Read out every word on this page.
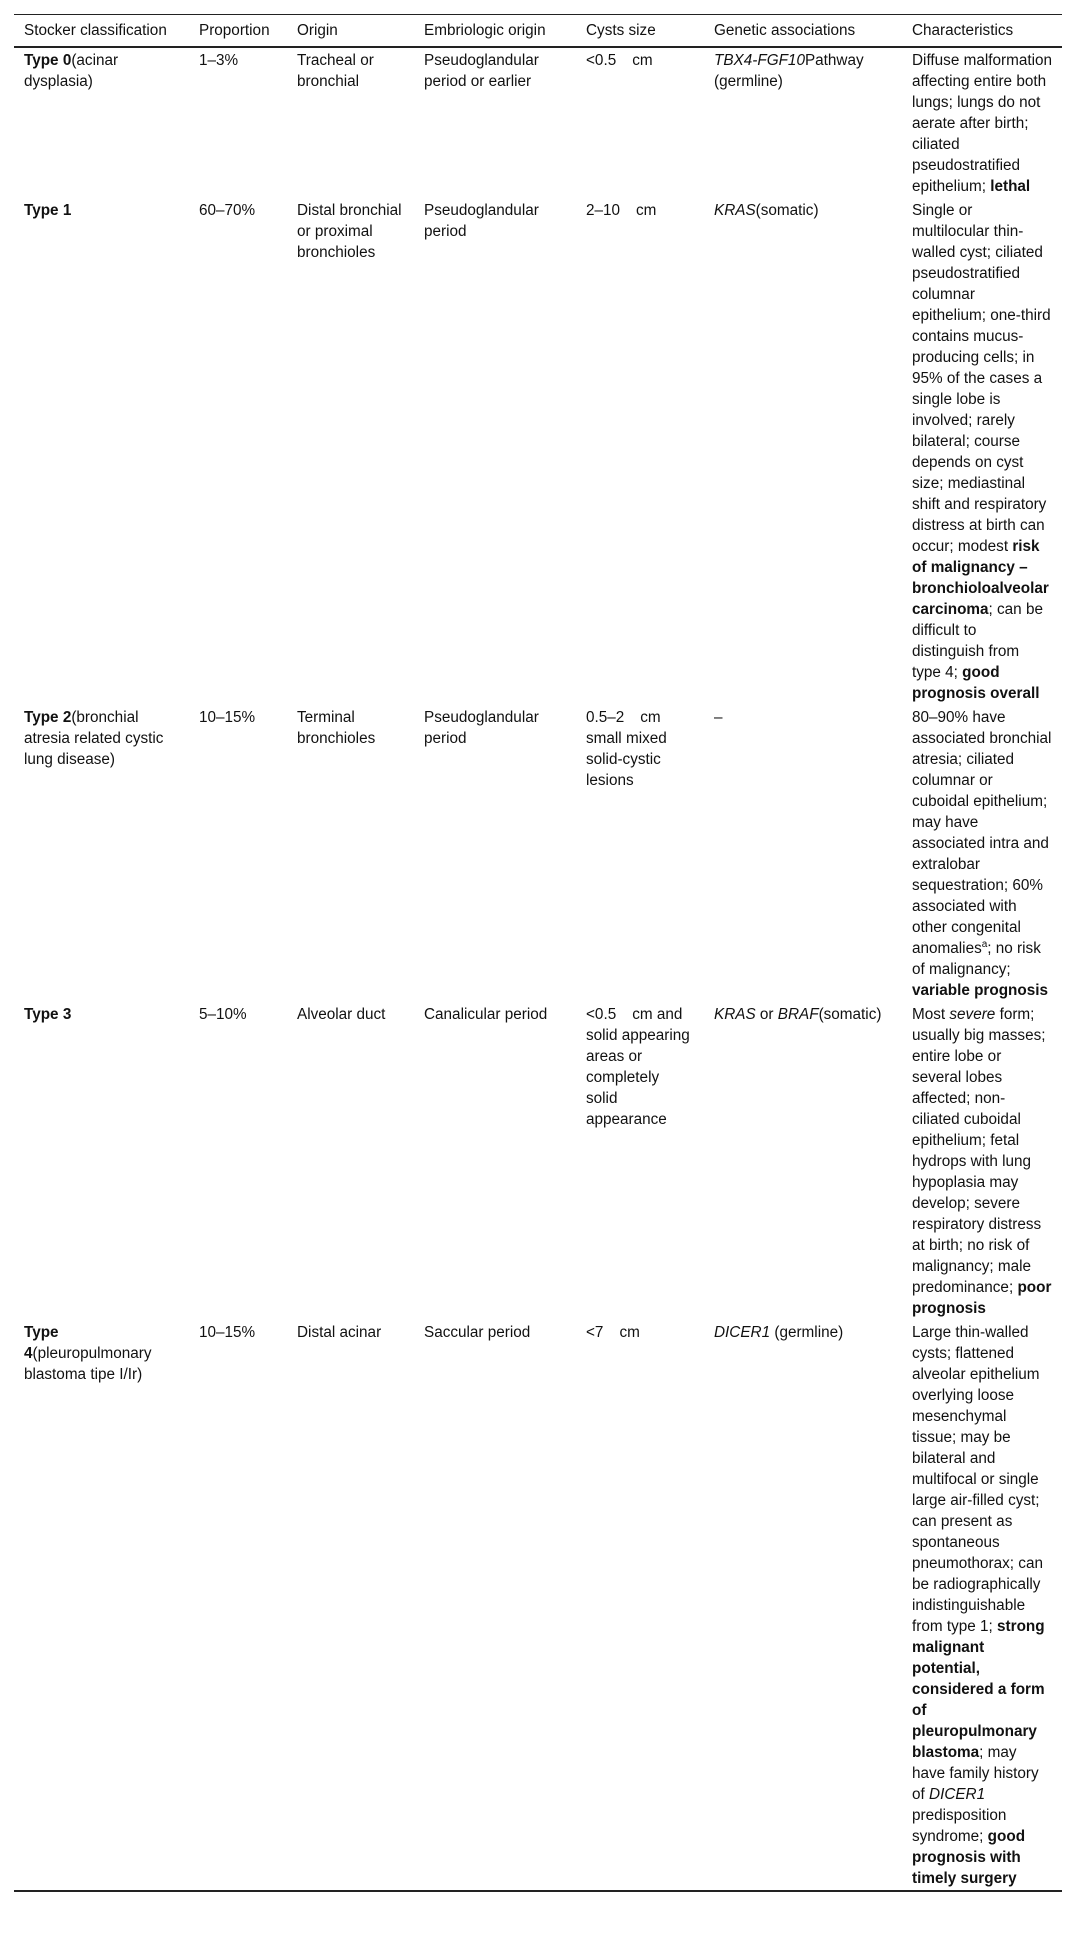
Stocker classification	Proportion	Origin	Embriologic origin	Cysts size	Genetic associations	Characteristics
Type 0(acinar dysplasia)	1–3%	Tracheal or bronchial	Pseudoglandular period or earlier	<0.5 cm	TBX4-FGF10Pathway (germline)	Diffuse malformation affecting entire both lungs; lungs do not aerate after birth; ciliated pseudostratified epithelium; lethal
Type 1	60–70%	Distal bronchial or proximal bronchioles	Pseudoglandular period	2–10 cm	KRAS(somatic)	Single or multilocular thin-walled cyst; ciliated pseudostratified columnar epithelium; one-third contains mucus-producing cells; in 95% of the cases a single lobe is involved; rarely bilateral; course depends on cyst size; mediastinal shift and respiratory distress at birth can occur; modest risk of malignancy – bronchioloalveolar carcinoma; can be difficult to distinguish from type 4; good prognosis overall
Type 2(bronchial atresia related cystic lung disease)	10–15%	Terminal bronchioles	Pseudoglandular period	0.5–2 cm small mixed solid-cystic lesions	–	80–90% have associated bronchial atresia; ciliated columnar or cuboidal epithelium; may have associated intra and extralobar sequestration; 60% associated with other congenital anomalies$^a$; no risk of malignancy; variable prognosis
Type 3	5–10%	Alveolar duct	Canalicular period	<0.5 cm and solid appearing areas or completely solid appearance	KRAS or BRAF(somatic)	Most severe form; usually big masses; entire lobe or several lobes affected; non-ciliated cuboidal epithelium; fetal hydrops with lung hypoplasia may develop; severe respiratory distress at birth; no risk of malignancy; male predominance; poor prognosis
Type 4(pleuropulmonary blastoma tipe I/Ir)	10–15%	Distal acinar	Saccular period	<7 cm	DICER1 (germline)	Large thin-walled cysts; flattened alveolar epithelium overlying loose mesenchymal tissue; may be bilateral and multifocal or single large air-filled cyst; can present as spontaneous pneumothorax; can be radiographically indistinguishable from type 1; strong malignant potential, considered a form of pleuropulmonary blastoma; may have family history of DICER1 predisposition syndrome; good prognosis with timely surgery
